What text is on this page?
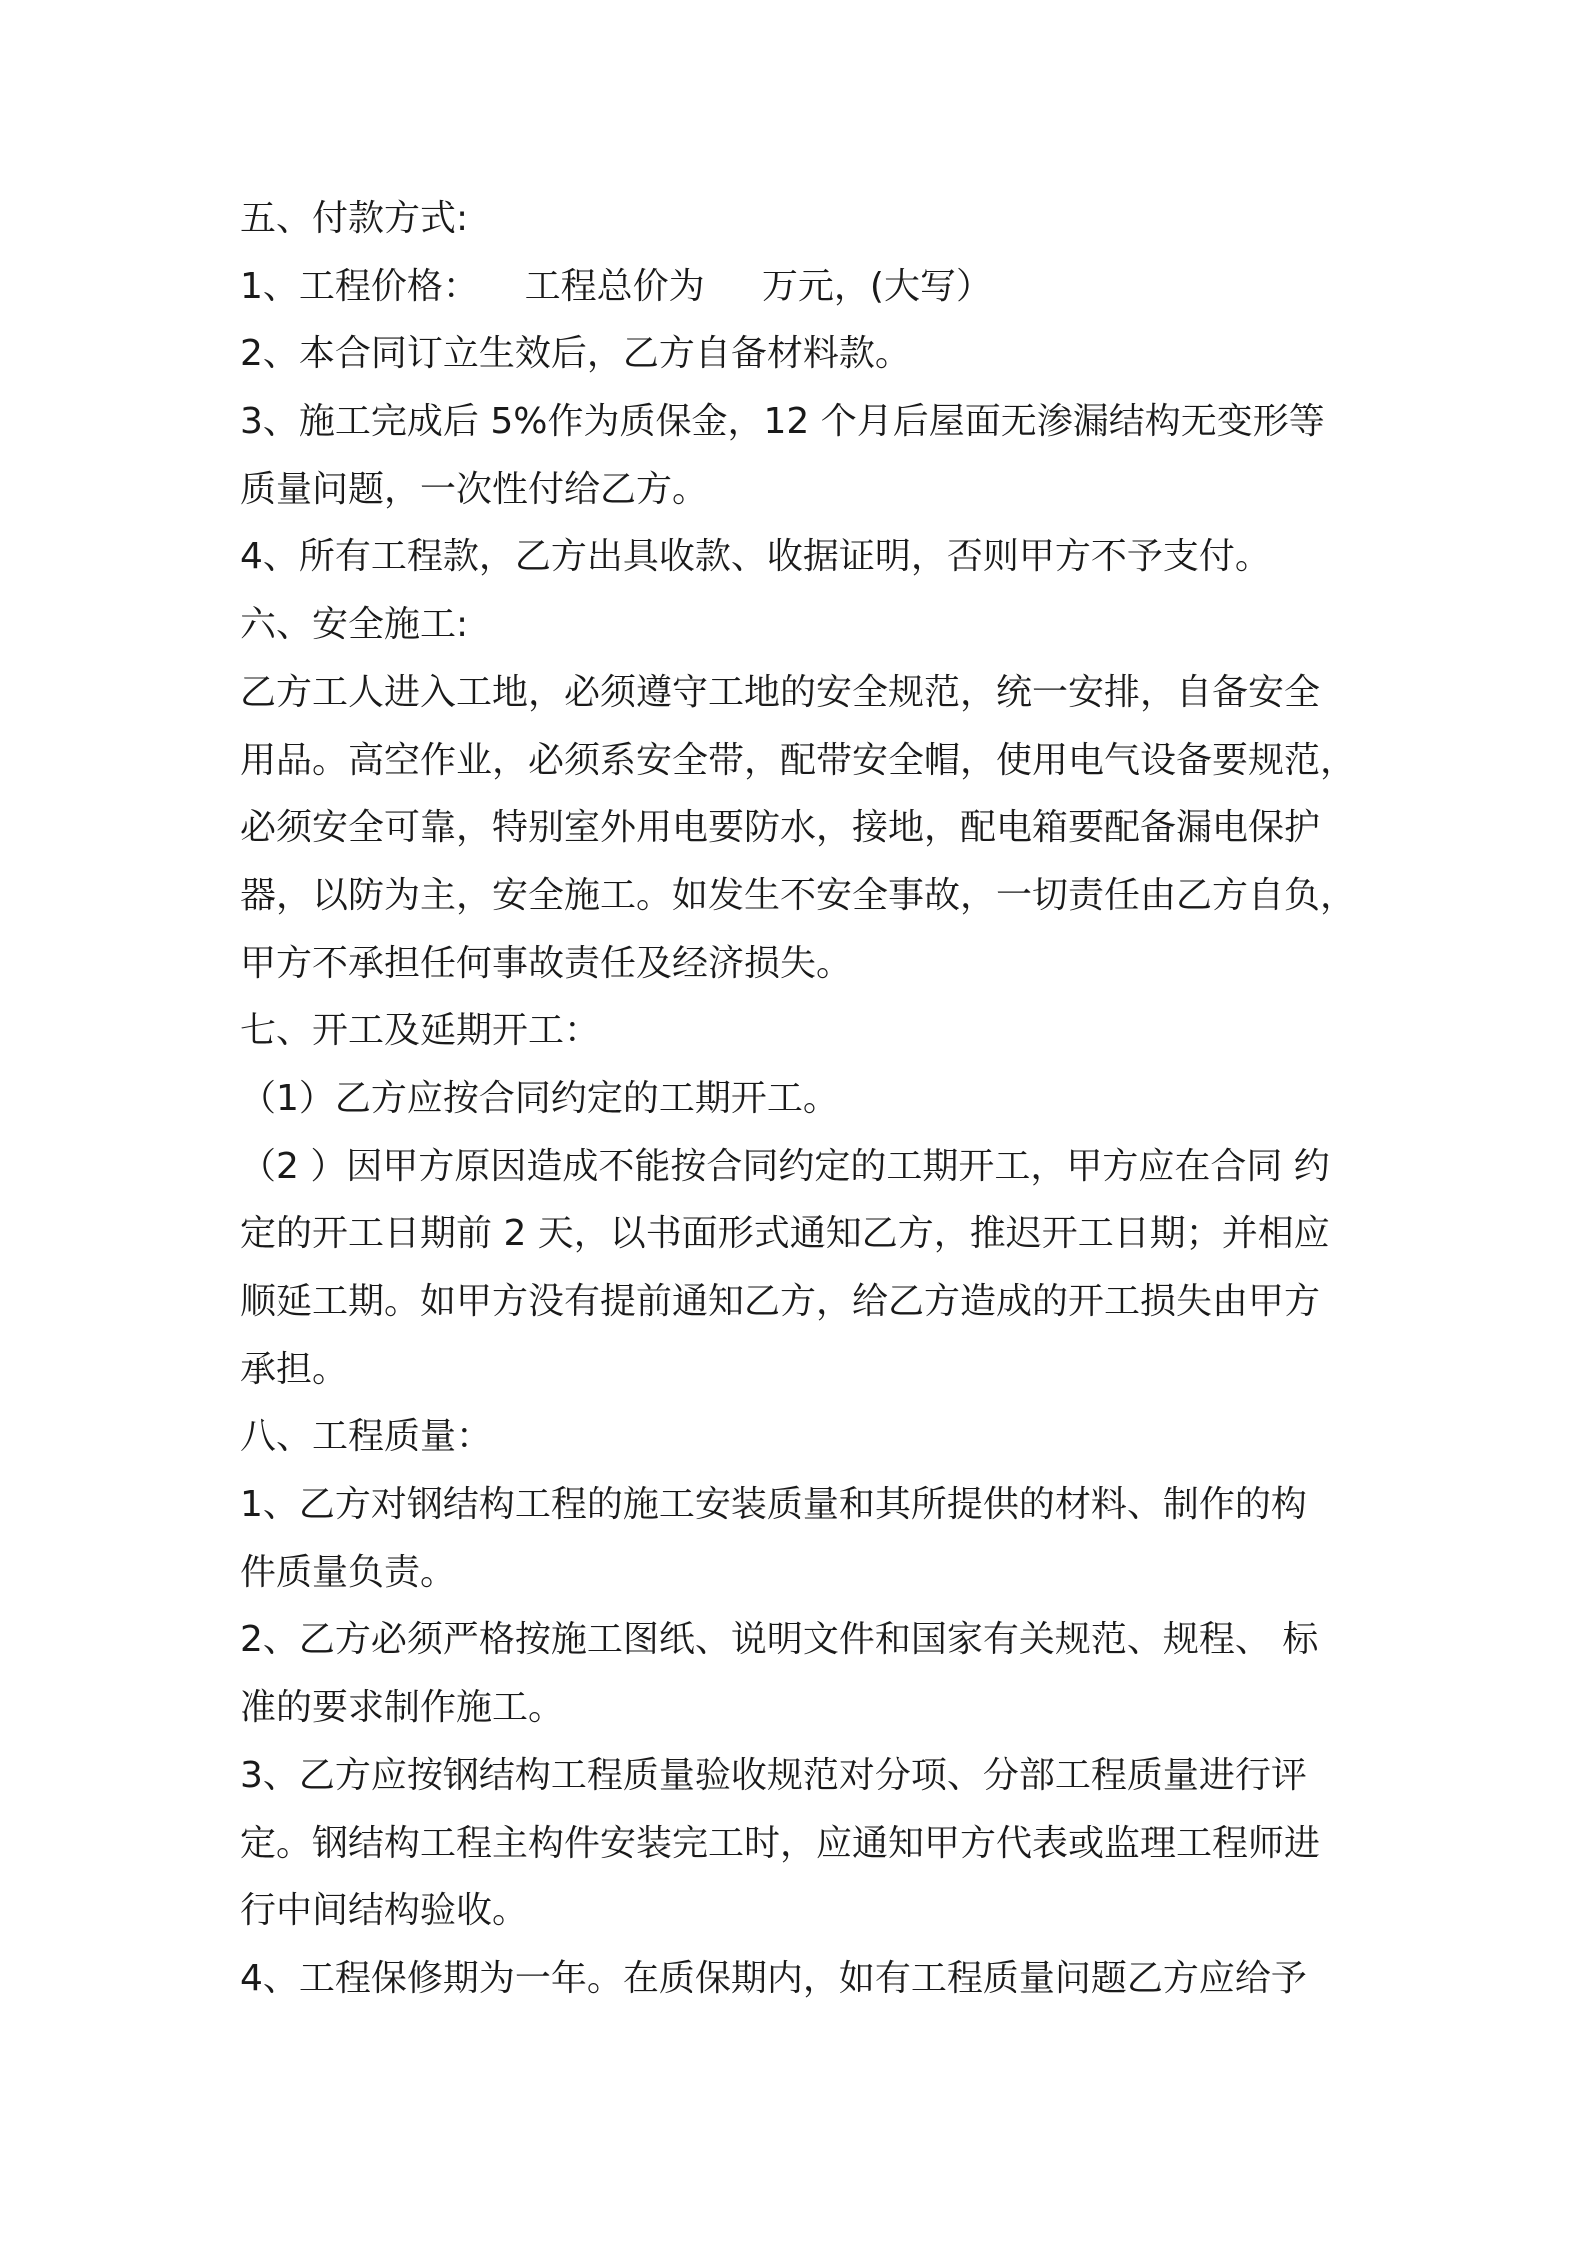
五、付款方式:

1、工程价格：    工程总价为     万元，(大写）

2、本合同订立生效后，乙方自备材料款。

3、施工完成后 5%作为质保金，12 个月后屋面无渗漏结构无变形等

质量问题，一次性付给乙方。

4、所有工程款，乙方出具收款、收据证明，否则甲方不予支付。

六、安全施工:

乙方工人进入工地，必须遵守工地的安全规范，统一安排，自备安全

用品。高空作业，必须系安全带，配带安全帽，使用电气设备要规范，

必须安全可靠，特别室外用电要防水，接地，配电箱要配备漏电保护

器，以防为主，安全施工。如发生不安全事故，一切责任由乙方自负，

甲方不承担任何事故责任及经济损失。

七、开工及延期开工：

（1）乙方应按合同约定的工期开工。

（2 ）因甲方原因造成不能按合同约定的工期开工，甲方应在合同 约

定的开工日期前 2 天，以书面形式通知乙方，推迟开工日期；并相应

顺延工期。如甲方没有提前通知乙方，给乙方造成的开工损失由甲方

承担。

八、工程质量：

1、乙方对钢结构工程的施工安装质量和其所提供的材料、制作的构

件质量负责。

2、乙方必须严格按施工图纸、说明文件和国家有关规范、规程、 标

准的要求制作施工。

3、乙方应按钢结构工程质量验收规范对分项、分部工程质量进行评

定。钢结构工程主构件安装完工时，应通知甲方代表或监理工程师进

行中间结构验收。

4、工程保修期为一年。在质保期内，如有工程质量问题乙方应给予
